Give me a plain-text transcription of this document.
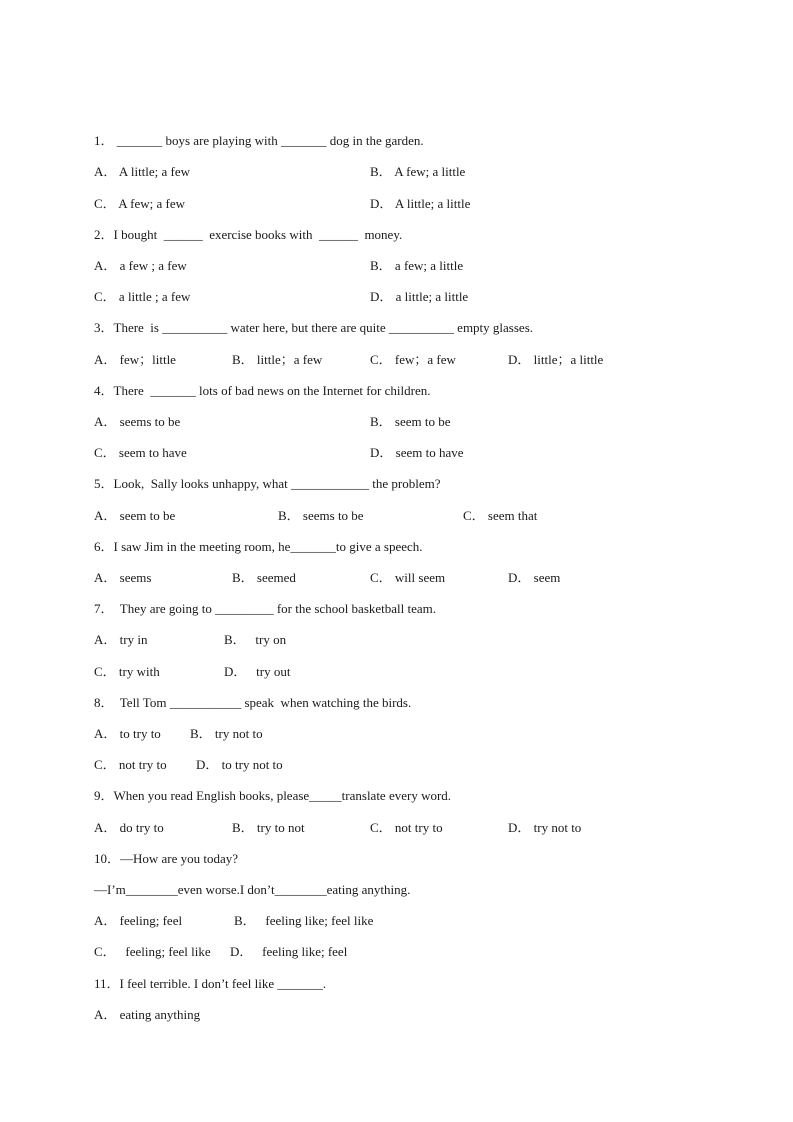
1． _______ boys are playing with _______ dog in the garden.
A． A little; a few	B． A few; a little
C． A few; a few	D． A little; a little
2．I bought  ______  exercise books with  ______  money.
A． a few ; a few	B． a few; a little
C． a little ; a few	D． a little; a little
3．There  is __________ water here, but there are quite __________ empty glasses.
A． few；little	B． little；a few	C． few；a few	D． little；a little
4．There  _______ lots of bad news on the Internet for children.
A． seems to be	B． seem to be
C． seem to have	D． seem to have
5．Look,  Sally looks unhappy, what ____________ the problem?
A． seem to be	B． seems to be	C． seem that
6．I saw Jim in the meeting room, he_______to give a speech.
A． seems	B． seemed	C． will seem	D． seem
7．  They are going to _________ for the school basketball team.
A． try in	B．   try on
C． try with	D．   try out
8．  Tell Tom ___________ speak  when watching the birds.
A． to try to B． try not to
C． not try to D． to try not to
9．When you read English books, please_____translate every word.
A． do try to	B． try to not	C． not try to	D． try not to
10．—How are you today?
—I’m________even worse.I don’t________eating anything.
A． feeling; feel	B．   feeling like; feel like
C．   feeling; feel like D．   feeling like; feel
11．I feel terrible. I don’t feel like _______.
A． eating anything
